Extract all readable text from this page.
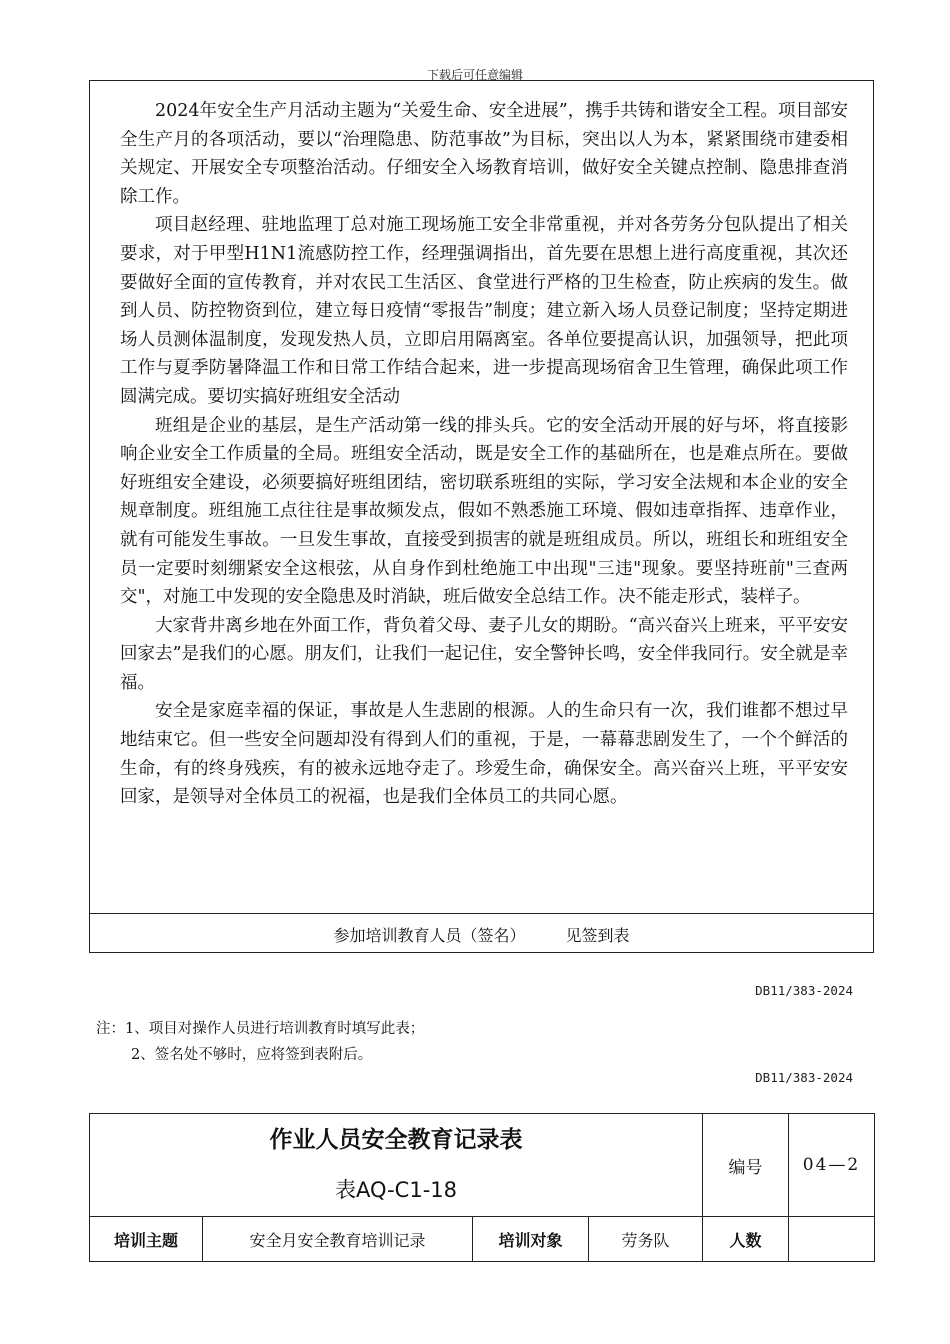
下载后可任意编辑

2024年安全生产月活动主题为“关爱生命、安全进展”，携手共铸和谐安全工程。项目部安全生产月的各项活动，要以“治理隐患、防范事故”为目标，突出以人为本，紧紧围绕市建委相关规定、开展安全专项整治活动。仔细安全入场教育培训，做好安全关键点控制、隐患排查消除工作。

项目赵经理、驻地监理丁总对施工现场施工安全非常重视，并对各劳务分包队提出了相关要求，对于甲型H1N1流感防控工作，经理强调指出，首先要在思想上进行高度重视，其次还要做好全面的宣传教育，并对农民工生活区、食堂进行严格的卫生检查，防止疾病的发生。做到人员、防控物资到位，建立每日疫情“零报告”制度；建立新入场人员登记制度；坚持定期进场人员测体温制度，发现发热人员，立即启用隔离室。各单位要提高认识，加强领导，把此项工作与夏季防暑降温工作和日常工作结合起来，进一步提高现场宿舍卫生管理，确保此项工作圆满完成。要切实搞好班组安全活动

班组是企业的基层，是生产活动第一线的排头兵。它的安全活动开展的好与坏，将直接影响企业安全工作质量的全局。班组安全活动，既是安全工作的基础所在，也是难点所在。要做好班组安全建设，必须要搞好班组团结，密切联系班组的实际，学习安全法规和本企业的安全规章制度。班组施工点往往是事故频发点，假如不熟悉施工环境、假如违章指挥、违章作业，就有可能发生事故。一旦发生事故，直接受到损害的就是班组成员。所以，班组长和班组安全员一定要时刻绷紧安全这根弦，从自身作到杜绝施工中出现"三违"现象。要坚持班前"三查两交"，对施工中发现的安全隐患及时消缺，班后做安全总结工作。决不能走形式，装样子。

大家背井离乡地在外面工作，背负着父母、妻子儿女的期盼。“高兴奋兴上班来，平平安安回家去”是我们的心愿。朋友们，让我们一起记住，安全警钟长鸣，安全伴我同行。安全就是幸福。

安全是家庭幸福的保证，事故是人生悲剧的根源。人的生命只有一次，我们谁都不想过早地结束它。但一些安全问题却没有得到人们的重视，于是，一幕幕悲剧发生了，一个个鲜活的生命，有的终身残疾，有的被永远地夺走了。珍爱生命，确保安全。高兴奋兴上班，平平安安回家，是领导对全体员工的祝福，也是我们全体员工的共同心愿。

参加培训教育人员（签名）	见签到表
DB11/383-2024
注：1、项目对操作人员进行培训教育时填写此表；
2、签名处不够时，应将签到表附后。
DB11/383-2024
作业人员安全教育记录表
表AQ-C1-18				编号	04—2
培训主题	安全月安全教育培训记录	培训对象	劳务队	人数	
